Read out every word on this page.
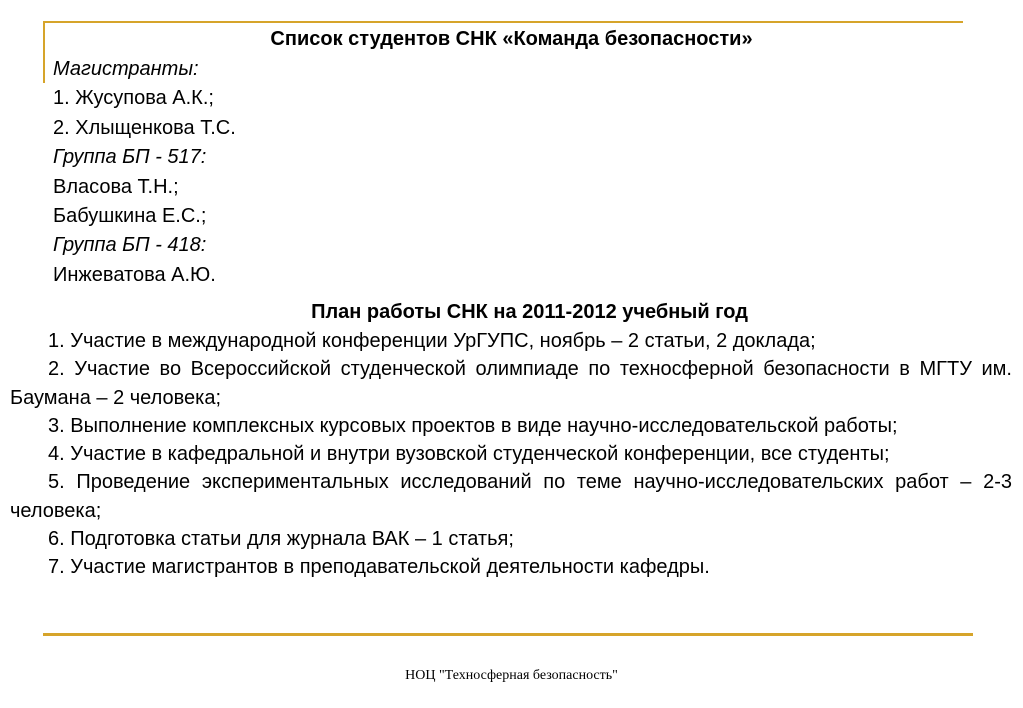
Список студентов СНК «Команда безопасности»
Магистранты:
1. Жусупова А.К.;
2. Хлыщенкова Т.С.
Группа БП - 517:
Власова Т.Н.;
Бабушкина Е.С.;
Группа БП - 418:
Инжеватова А.Ю.
План работы СНК на 2011-2012 учебный год

1. Участие в международной конференции УрГУПС, ноябрь – 2 статьи, 2 доклада;

2. Участие во Всероссийской студенческой олимпиаде по техносферной безопасности в МГТУ им. Баумана – 2 человека;

3. Выполнение комплексных курсовых проектов в виде научно-исследовательской работы;

4. Участие в кафедральной и внутри вузовской студенческой конференции, все студенты;

5. Проведение экспериментальных исследований по теме научно-исследовательских работ – 2-3 человека;

6. Подготовка статьи для журнала ВАК – 1 статья;

7. Участие магистрантов в преподавательской деятельности кафедры.

НОЦ "Техносферная безопасность"
